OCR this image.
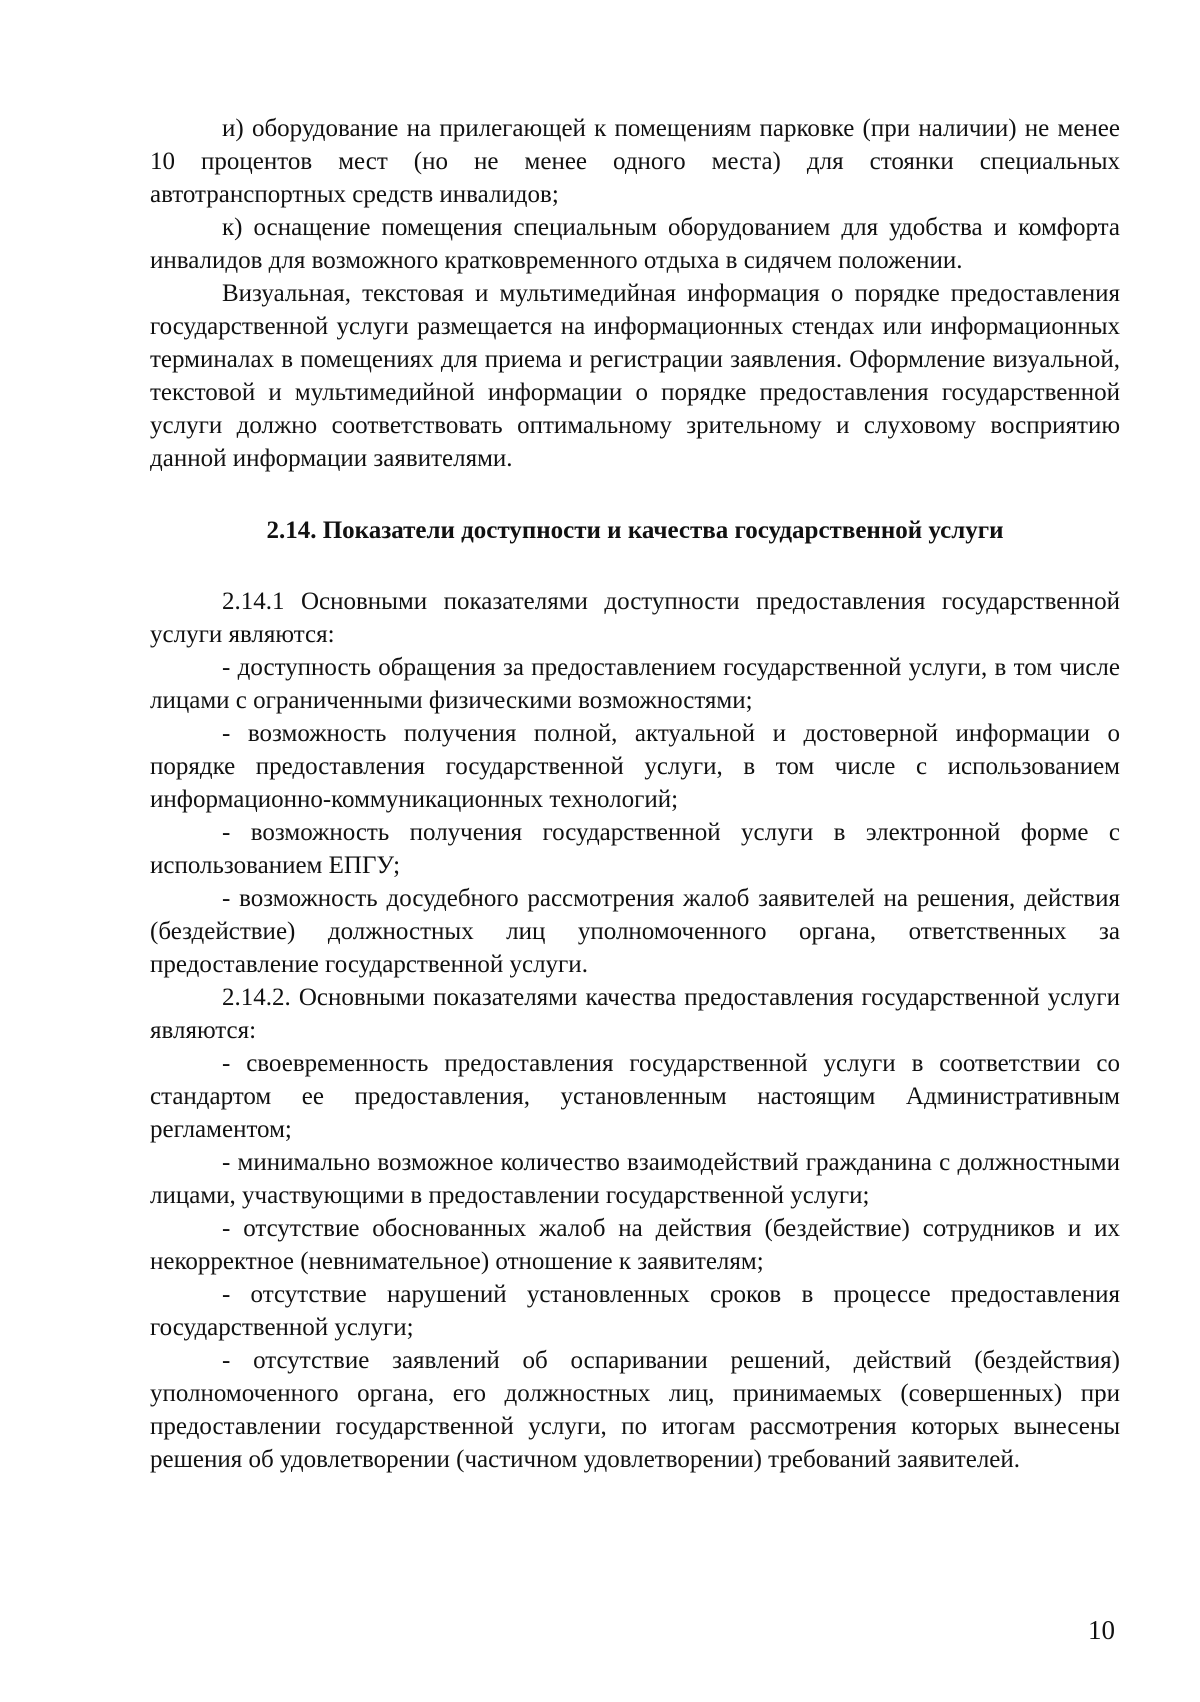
и) оборудование на прилегающей к помещениям парковке (при наличии) не менее 10 процентов мест (но не менее одного места) для стоянки специальных автотранспортных средств инвалидов;

к) оснащение помещения специальным оборудованием для удобства и комфорта инвалидов для возможного кратковременного отдыха в сидячем положении.

Визуальная, текстовая и мультимедийная информация о порядке предоставления государственной услуги размещается на информационных стендах или информационных терминалах в помещениях для приема и регистрации заявления. Оформление визуальной, текстовой и мультимедийной информации о порядке предоставления государственной услуги должно соответствовать оптимальному зрительному и слуховому восприятию данной информации заявителями.

2.14. Показатели доступности и качества государственной услуги

2.14.1 Основными показателями доступности предоставления государственной услуги являются:

- доступность обращения за предоставлением государственной услуги, в том числе лицами с ограниченными физическими возможностями;

- возможность получения полной, актуальной и достоверной информации о порядке предоставления государственной услуги, в том числе с использованием информационно-коммуникационных технологий;

- возможность получения государственной услуги в электронной форме с использованием ЕПГУ;

- возможность досудебного рассмотрения жалоб заявителей на решения, действия (бездействие) должностных лиц уполномоченного органа, ответственных за предоставление государственной услуги.

2.14.2. Основными показателями качества предоставления государственной услуги являются:

- своевременность предоставления государственной услуги в соответствии со стандартом ее предоставления, установленным настоящим Административным регламентом;

- минимально возможное количество взаимодействий гражданина с должностными лицами, участвующими в предоставлении государственной услуги;

- отсутствие обоснованных жалоб на действия (бездействие) сотрудников и их некорректное (невнимательное) отношение к заявителям;

- отсутствие нарушений установленных сроков в процессе предоставления государственной услуги;

- отсутствие заявлений об оспаривании решений, действий (бездействия) уполномоченного органа, его должностных лиц, принимаемых (совершенных) при предоставлении государственной услуги, по итогам рассмотрения которых вынесены решения об удовлетворении (частичном удовлетворении) требований заявителей.

10
